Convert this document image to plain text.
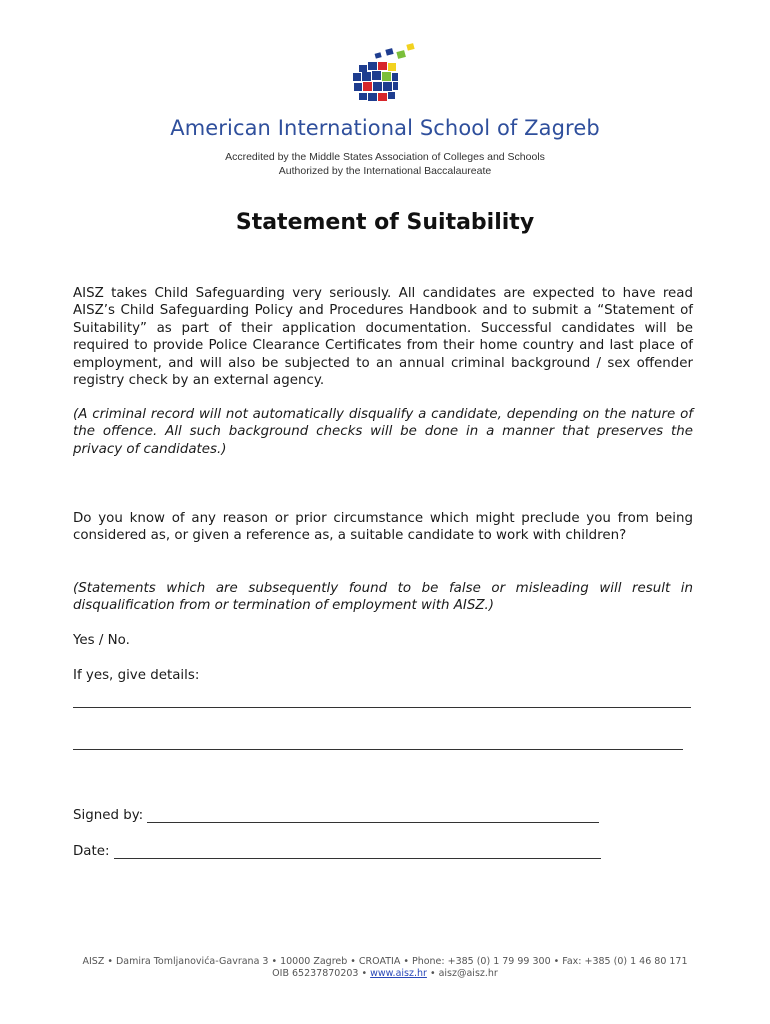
American International School of Zagreb
Accredited by the Middle States Association of Colleges and Schools
Authorized by the International Baccalaureate
Statement of Suitability
AISZ takes Child Safeguarding very seriously. All candidates are expected to have read AISZ’s Child Safeguarding Policy and Procedures Handbook and to submit a “Statement of Suitability” as part of their application documentation. Successful candidates will be required to provide Police Clearance Certificates from their home country and last place of employment, and will also be subjected to an annual criminal background / sex offender registry check by an external agency.
(A criminal record will not automatically disqualify a candidate, depending on the nature of the offence. All such background checks will be done in a manner that preserves the privacy of candidates.)
Do you know of any reason or prior circumstance which might preclude you from being considered as, or given a reference as, a suitable candidate to work with children?
(Statements which are subsequently found to be false or misleading will result in disqualification from or termination of employment with AISZ.)
Yes / No.
If yes, give details:
Signed by:
Date:
AISZ • Damira Tomljanovića-Gavrana 3 • 10000 Zagreb • CROATIA • Phone: +385 (0) 1 79 99 300 • Fax: +385 (0) 1 46 80 171
OIB 65237870203 • www.aisz.hr • aisz@aisz.hr
